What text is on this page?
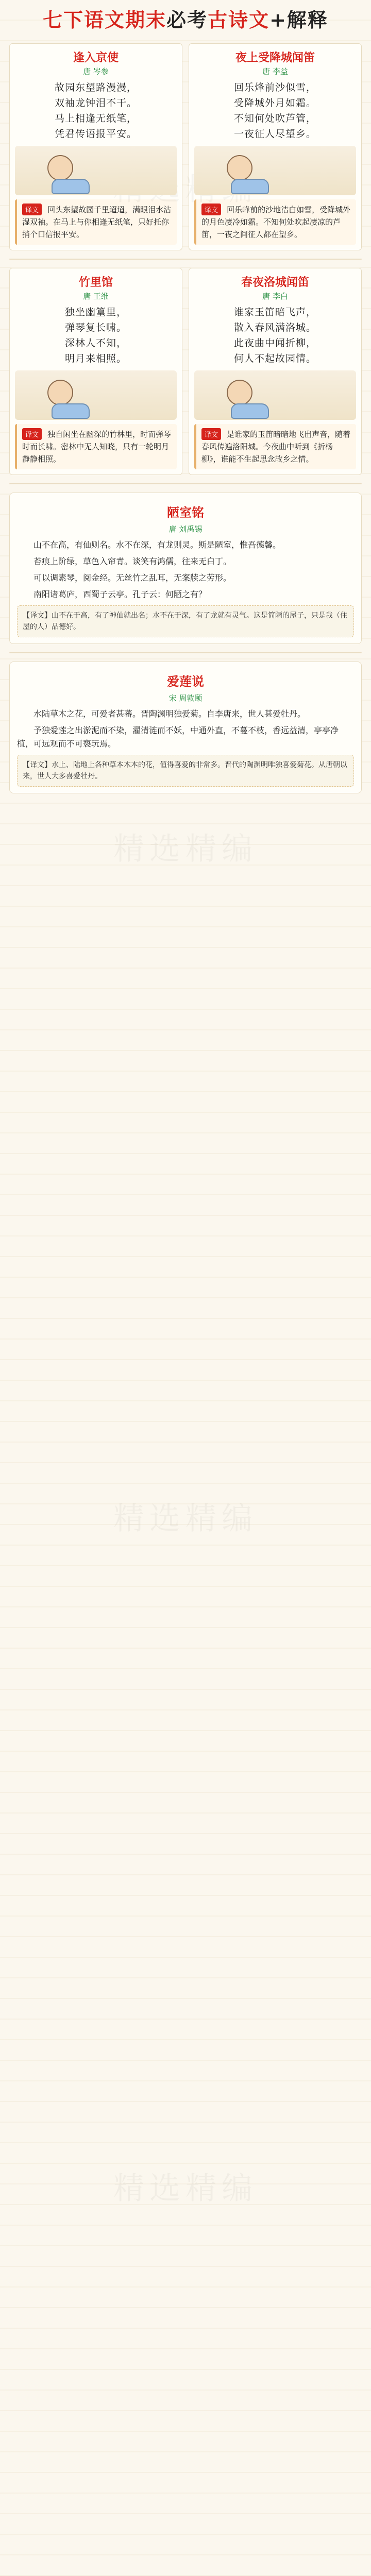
七下语文期末必考古诗文+解释
逢入京使
唐 岑参
故园东望路漫漫，
双袖龙钟泪不干。
马上相逢无纸笔，
凭君传语报平安。
译文 回头东望故园千里迢迢，满眼泪水沾湿双袖。在马上与你相逢无纸笔，只好托你捎个口信报平安。
夜上受降城闻笛
唐 李益
回乐烽前沙似雪，
受降城外月如霜。
不知何处吹芦管，
一夜征人尽望乡。
译文 回乐峰前的沙地洁白如雪，受降城外的月色凄冷如霜。不知何处吹起凄凉的芦笛，一夜之间征人都在望乡。
竹里馆
唐 王维
独坐幽篁里，
弹琴复长啸。
深林人不知，
明月来相照。
译文 独自闲坐在幽深的竹林里，时而弹琴时而长啸。密林中无人知晓，只有一轮明月静静相照。
春夜洛城闻笛
唐 李白
谁家玉笛暗飞声，
散入春风满洛城。
此夜曲中闻折柳，
何人不起故园情。
译文 是谁家的玉笛暗暗地飞出声音，随着春风传遍洛阳城。今夜曲中听到《折杨柳》，谁能不生起思念故乡之情。
陋室铭
唐 刘禹锡

山不在高，有仙则名。水不在深，有龙则灵。斯是陋室，惟吾德馨。

苔痕上阶绿，草色入帘青。谈笑有鸿儒，往来无白丁。

可以调素琴，阅金经。无丝竹之乱耳，无案牍之劳形。

南阳诸葛庐，西蜀子云亭。孔子云：何陋之有？

【译文】山不在于高，有了神仙就出名；水不在于深，有了龙就有灵气。这是简陋的屋子，只是我（住屋的人）品德好。
爱莲说
宋 周敦颐

水陆草木之花，可爱者甚蕃。晋陶渊明独爱菊。自李唐来，世人甚爱牡丹。

予独爱莲之出淤泥而不染，濯清涟而不妖，中通外直，不蔓不枝，香远益清，亭亭净植，可远观而不可亵玩焉。

【译文】水上、陆地上各种草本木本的花，值得喜爱的非常多。晋代的陶渊明唯独喜爱菊花。从唐朝以来，世人大多喜爱牡丹。
